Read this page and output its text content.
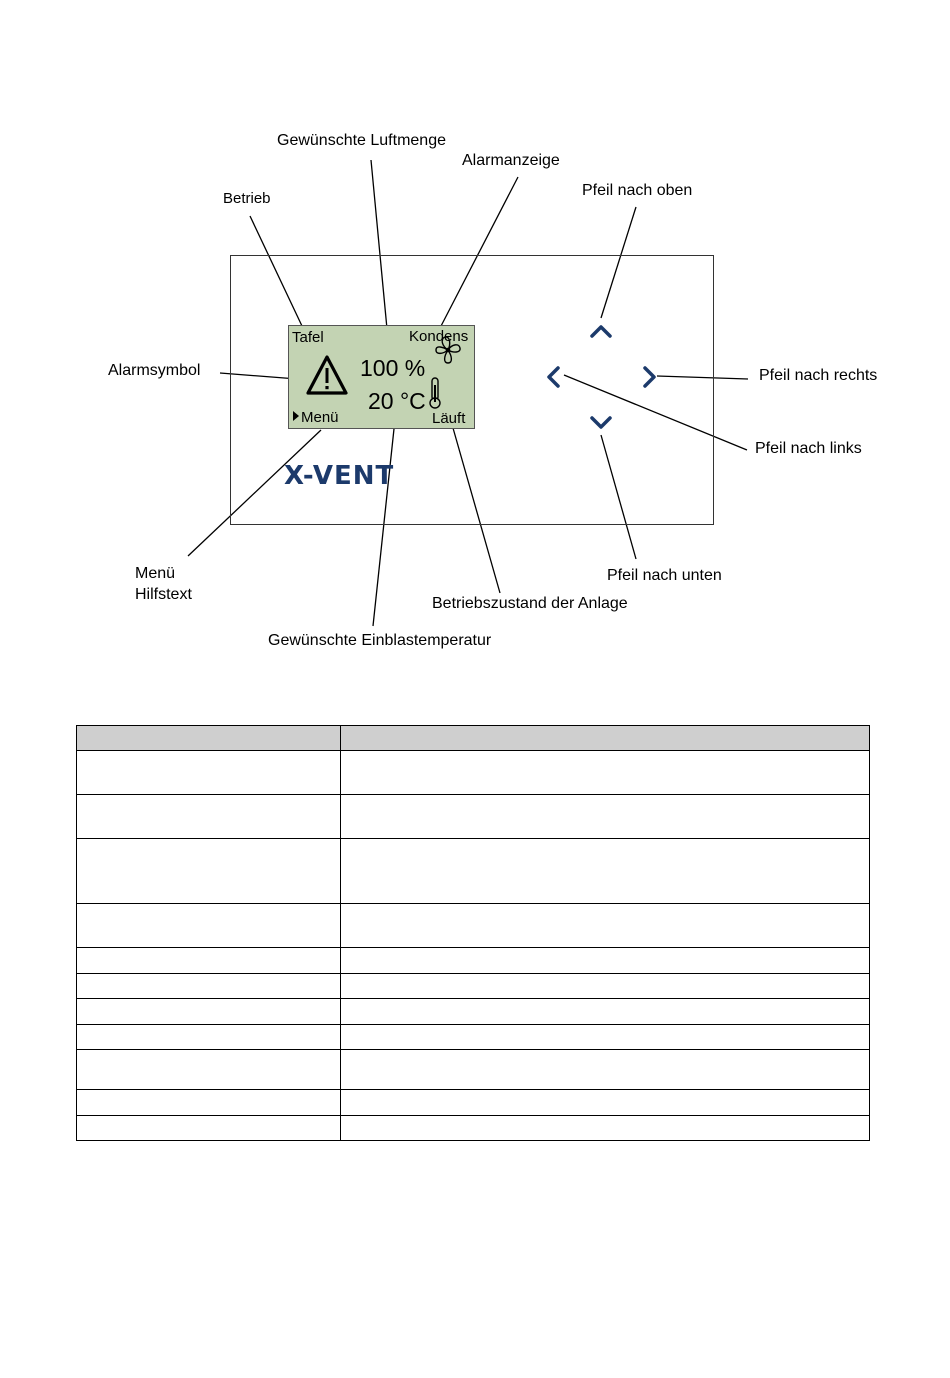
Gewünschte Luftmenge
Alarmanzeige
Betrieb	Pfeil nach oben
Alarmsymbol	Pfeil nach rechts
Pfeil nach links
Menü
Hilfstext
Pfeil nach unten
Betriebszustand der Anlage
Gewünschte Einblastemperatur
Tafel	Kondens
100 %
20 °C
Menü	Läuft
X-VENT
